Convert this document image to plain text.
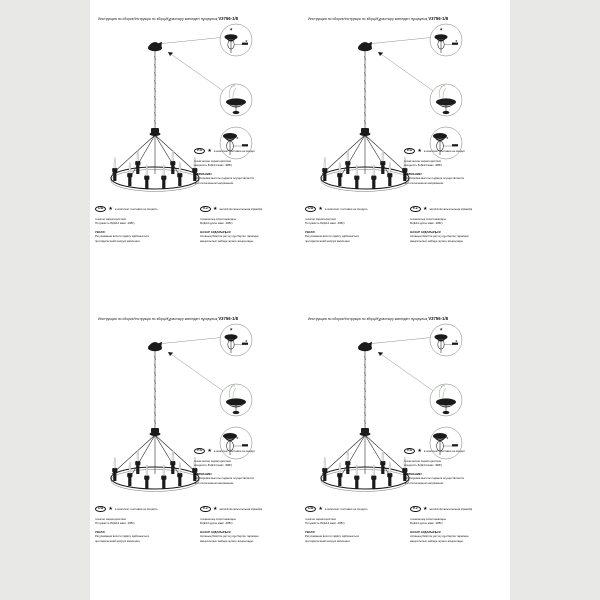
Инструкция по сборке/Інструкція по збірці/Құрастыру жөніндегі нұсқаулық V3756-1/8
★
★
★
RU	★ в комплект поставки не входит
технические характеристики
мощность 8х(Е14 макс. 40Вт)
ВНИМАНИЕ!
Регулировка высоты подвеса осуществляется
при отключенном напряжении.
UA	★ в комплект поставки не входить
технічні характеристики
Потужність 8х(Е14 макс. 40Вт)
УВАГА!
Регулювання висоти підвісу здійснюється
при відключеній напрузі живлення.
KZ	★ жеткізілім жиынтығына кірмейді
техникалық сипаттамалары
8х(Е14 қуаты макс. 40Вт)
НАЗАР АУДАРЫҢЫЗ!
Аспаның биіктігін реттеу кұн бергіш тарапқан
ажыратылып кейінде жүзеге асырылады.
Инструкция по сборке/Інструкція по збірці/Құрастыру жөніндегі нұсқаулық V3756-1/8
★
★
★
RU	★ в комплект поставки не входит
технические характеристики
мощность 8х(Е14 макс. 40Вт)
ВНИМАНИЕ!
Регулировка высоты подвеса осуществляется
при отключенном напряжении.
UA	★ в комплект поставки не входить
технічні характеристики
Потужність 8х(Е14 макс. 40Вт)
УВАГА!
Регулювання висоти підвісу здійснюється
при відключеній напрузі живлення.
KZ	★ жеткізілім жиынтығына кірмейді
техникалық сипаттамалары
8х(Е14 қуаты макс. 40Вт)
НАЗАР АУДАРЫҢЫЗ!
Аспаның биіктігін реттеу кұн бергіш тарапқан
ажыратылып кейінде жүзеге асырылады.
Инструкция по сборке/Інструкція по збірці/Құрастыру жөніндегі нұсқаулық V3756-1/8
★
★
★
RU	★ в комплект поставки не входит
технические характеристики
мощность 8х(Е14 макс. 40Вт)
ВНИМАНИЕ!
Регулировка высоты подвеса осуществляется
при отключенном напряжении.
UA	★ в комплект поставки не входить
технічні характеристики
Потужність 8х(Е14 макс. 40Вт)
УВАГА!
Регулювання висоти підвісу здійснюється
при відключеній напрузі живлення.
KZ	★ жеткізілім жиынтығына кірмейді
техникалық сипаттамалары
8х(Е14 қуаты макс. 40Вт)
НАЗАР АУДАРЫҢЫЗ!
Аспаның биіктігін реттеу кұн бергіш тарапқан
ажыратылып кейінде жүзеге асырылады.
Инструкция по сборке/Інструкція по збірці/Құрастыру жөніндегі нұсқаулық V3756-1/8
★
★
★
RU	★ в комплект поставки не входит
технические характеристики
мощность 8х(Е14 макс. 40Вт)
ВНИМАНИЕ!
Регулировка высоты подвеса осуществляется
при отключенном напряжении.
UA	★ в комплект поставки не входить
технічні характеристики
Потужність 8х(Е14 макс. 40Вт)
УВАГА!
Регулювання висоти підвісу здійснюється
при відключеній напрузі живлення.
KZ	★ жеткізілім жиынтығына кірмейді
техникалық сипаттамалары
8х(Е14 қуаты макс. 40Вт)
НАЗАР АУДАРЫҢЫЗ!
Аспаның биіктігін реттеу кұн бергіш тарапқан
ажыратылып кейінде жүзеге асырылады.
